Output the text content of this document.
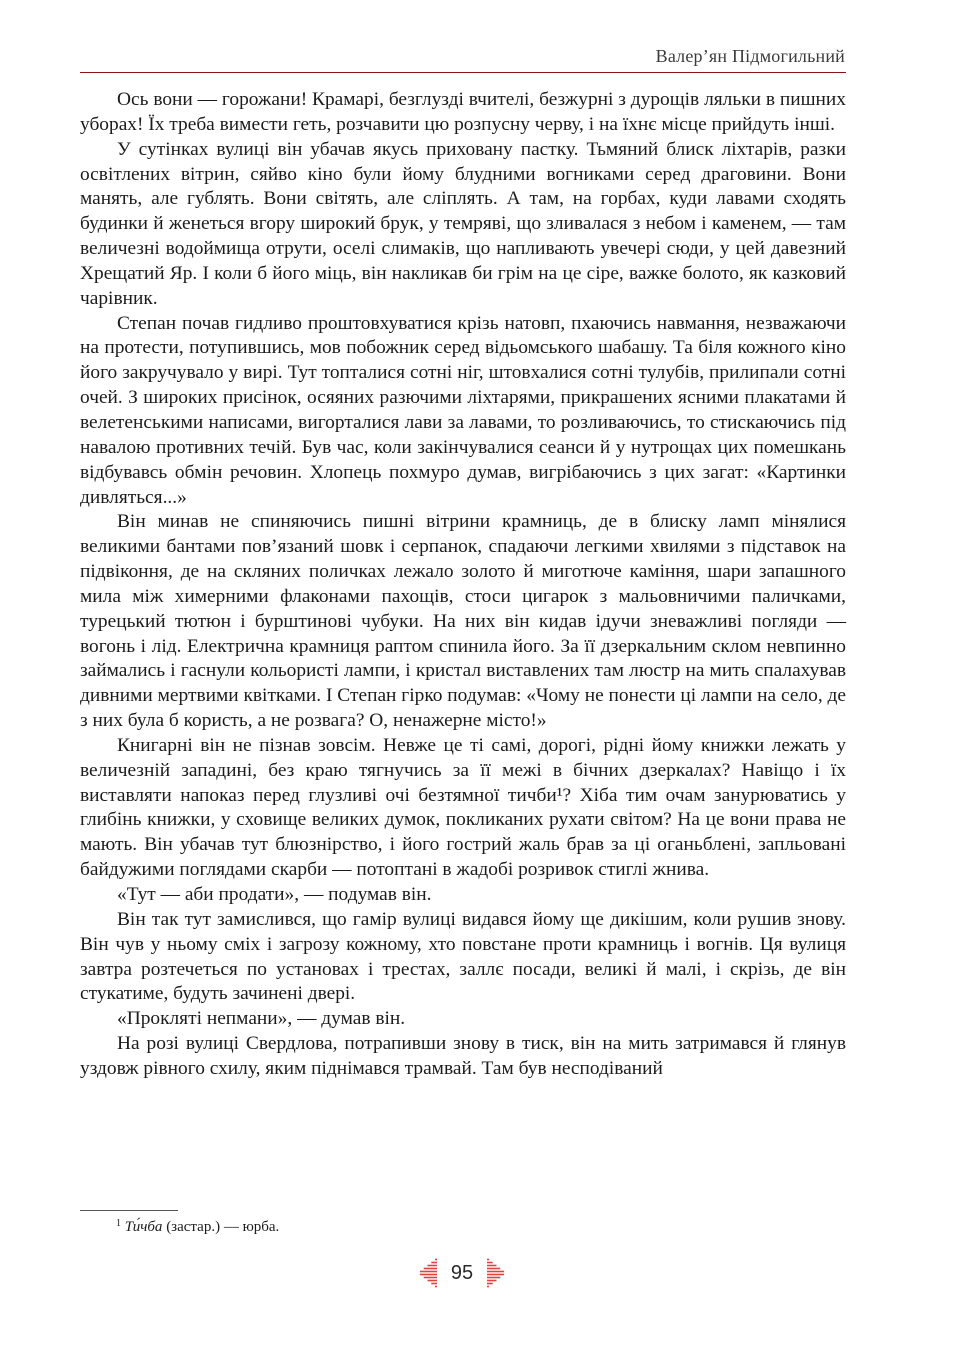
Валер’ян Підмогильний

Ось вони — горожани! Крамарі, безглузді вчителі, безжурні з дурощів ляльки в пишних уборах! Їх треба вимести геть, розчавити цю розпусну черву, і на їхнє місце прийдуть інші.

У сутінках вулиці він убачав якусь приховану пастку. Тьмяний блиск ліхтарів, разки освітлених вітрин, сяйво кіно були йому блудними вогниками серед драговини. Вони манять, але гублять. Вони світять, але сліплять. А там, на горбах, куди лавами сходять будинки й женеться вгору широкий брук, у темряві, що зливалася з небом і каменем, — там величезні водоймища отрути, оселі слимаків, що напливають увечері сюди, у цей давезний Хрещатий Яр. І коли б його міць, він накликав би грім на це сіре, важке болото, як казковий чарівник.

Степан почав гидливо проштовхуватися крізь натовп, пхаючись навмання, незважаючи на протести, потупившись, мов побожник серед відьомського шабашу. Та біля кожного кіно його закручувало у вирі. Тут топталися сотні ніг, штовхалися сотні тулубів, прилипали сотні очей. З широких присінок, осяяних разючими ліхтарями, прикрашених ясними плакатами й велетенськими написами, вигорталися лави за лавами, то розливаючись, то стискаючись під навалою противних течій. Був час, коли закінчувалися сеанси й у нутрощах цих помешкань відбувавсь обмін речовин. Хлопець похмуро думав, вигрібаючись з цих загат: «Картинки дивляться...»

Він минав не спиняючись пишні вітрини крамниць, де в блиску ламп мінялися великими бантами пов’язаний шовк і серпанок, спадаючи легкими хвилями з підставок на підвіконня, де на скляних поличках лежало золото й миготюче каміння, шари запашного мила між химерними флаконами пахощів, стоси цигарок з мальовничими паличками, турецький тютюн і бурштинові чубуки. На них він кидав ідучи зневажливі погляди — вогонь і лід. Електрична крамниця раптом спинила його. За її дзеркальним склом невпинно займались і гаснули кольористі лампи, і кристал виставлених там люстр на мить спалахував дивними мертвими квітками. І Степан гірко подумав: «Чому не понести ці лампи на село, де з них була б користь, а не розвага? О, ненажерне місто!»

Книгарні він не пізнав зовсім. Невже це ті самі, дорогі, рідні йому книжки лежать у величезній западині, без краю тягнучись за її межі в бічних дзеркалах? Навіщо і їх виставляти напоказ перед глузливі очі безтямної тичби¹? Хіба тим очам занурюватись у глибінь книжки, у сховище великих думок, покликаних рухати світом? На це вони права не мають. Він убачав тут блюзнірство, і його гострий жаль брав за ці оганьблені, запльовані байдужими поглядами скарби — потоптані в жадобі розривок стиглі жнива.

«Тут — аби продати», — подумав він.

Він так тут замислився, що гамір вулиці видався йому ще дикішим, коли рушив знову. Він чув у ньому сміх і загрозу кожному, хто повстане проти крамниць і вогнів. Ця вулиця завтра розтечеться по установах і трестах, заллє посади, великі й малі, і скрізь, де він стукатиме, будуть зачинені двері.

«Прокляті непмани», — думав він.

На розі вулиці Свердлова, потрапивши знову в тиск, він на мить затримався й глянув уздовж рівного схилу, яким піднімався трамвай. Там був несподіваний

$^1$ Ти́чба (застар.) — юрба.
95
